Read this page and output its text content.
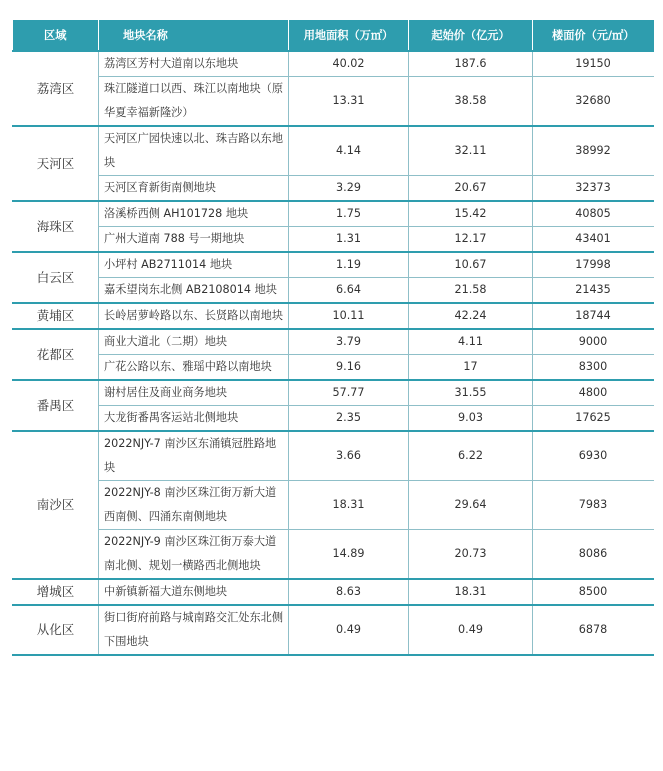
区域	地块名称	用地面积（万㎡）	起始价（亿元）	楼面价（元/㎡）
荔湾区	荔湾区芳村大道南以东地块	40.02	187.6	19150
	珠江隧道口以西、珠江以南地块（原华夏幸福新隆沙）	13.31	38.58	32680
天河区	天河区广园快速以北、珠吉路以东地块	4.14	32.11	38992
	天河区育新街南侧地块	3.29	20.67	32373
海珠区	洛溪桥西侧 AH101728 地块	1.75	15.42	40805
	广州大道南 788 号一期地块	1.31	12.17	43401
白云区	小坪村 AB2711014 地块	1.19	10.67	17998
	嘉禾望岗东北侧 AB2108014 地块	6.64	21.58	21435
黄埔区	长岭居萝岭路以东、长贤路以南地块	10.11	42.24	18744
花都区	商业大道北（二期）地块	3.79	4.11	9000
	广花公路以东、雅瑶中路以南地块	9.16	17	8300
番禺区	谢村居住及商业商务地块	57.77	31.55	4800
	大龙街番禺客运站北侧地块	2.35	9.03	17625
南沙区	2022NJY-7 南沙区东涌镇冠胜路地块	3.66	6.22	6930
	2022NJY-8 南沙区珠江街万新大道西南侧、四涌东南侧地块	18.31	29.64	7983
	2022NJY-9 南沙区珠江街万泰大道南北侧、规划一横路西北侧地块	14.89	20.73	8086
增城区	中新镇新福大道东侧地块	8.63	18.31	8500
从化区	街口街府前路与城南路交汇处东北侧下围地块	0.49	0.49	6878
